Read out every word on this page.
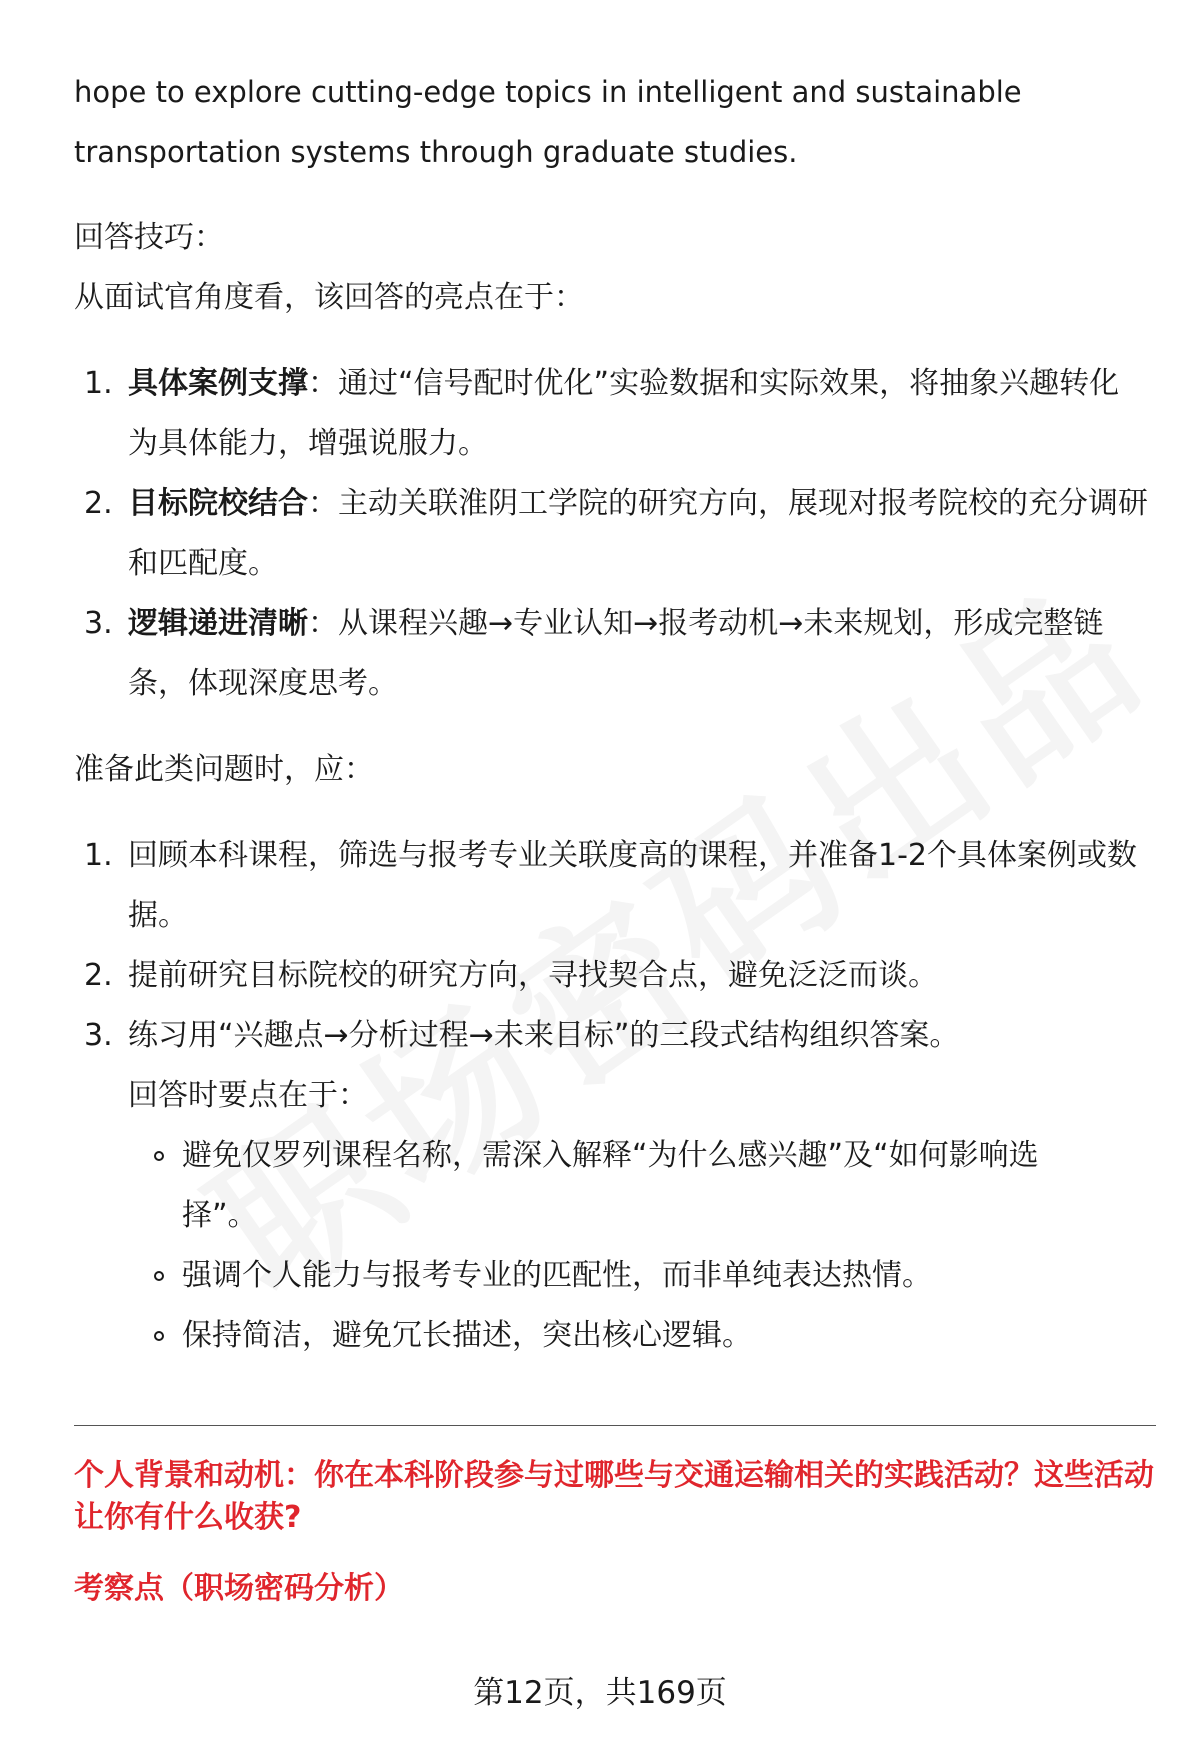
hope to explore cutting-edge topics in intelligent and sustainable

transportation systems through graduate studies.

回答技巧：

从面试官角度看，该回答的亮点在于：

1. 具体案例支撑：通过“信号配时优化”实验数据和实际效果，将抽象兴趣转化
为具体能力，增强说服力。
2. 目标院校结合：主动关联淮阴工学院的研究方向，展现对报考院校的充分调研
和匹配度。
3. 逻辑递进清晰：从课程兴趣→专业认知→报考动机→未来规划，形成完整链
条，体现深度思考。

准备此类问题时，应：

1. 回顾本科课程，筛选与报考专业关联度高的课程，并准备1-2个具体案例或数
据。
2. 提前研究目标院校的研究方向，寻找契合点，避免泛泛而谈。
3. 练习用“兴趣点→分析过程→未来目标”的三段式结构组织答案。
回答时要点在于：
避免仅罗列课程名称，需深入解释“为什么感兴趣”及“如何影响选
择”。
强调个人能力与报考专业的匹配性，而非单纯表达热情。
保持简洁，避免冗长描述，突出核心逻辑。

个人背景和动机：你在本科阶段参与过哪些与交通运输相关的实践活动？这些活动
让你有什么收获?

考察点（职场密码分析）

第12页，共169页
